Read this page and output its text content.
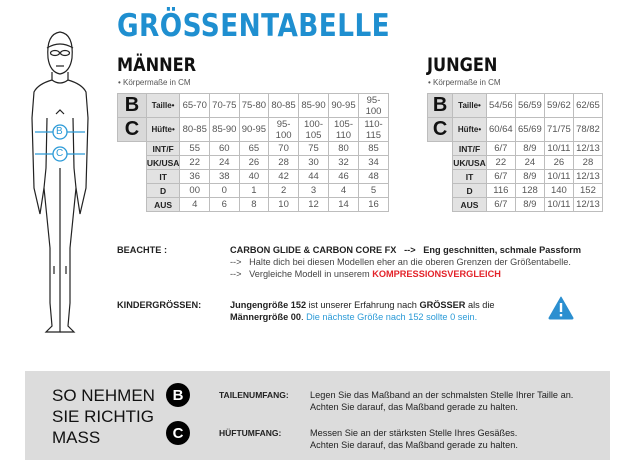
B
C
GRÖSSENTABELLE
MÄNNER
• Körpermaße in CM
B	Taille•	65-70	70-75	75-80	80-85	85-90	90-95	95-100
C	Hüfte•	80-85	85-90	90-95	95-100	100-105	105-110	110-115
	INT/F	55	60	65	70	75	80	85
	UK/USA	22	24	26	28	30	32	34
	IT	36	38	40	42	44	46	48
	D	00	0	1	2	3	4	5
	AUS	4	6	8	10	12	14	16
JUNGEN
• Körpermaße in CM
B	Taille•	54/56	56/59	59/62	62/65
C	Hüfte•	60/64	65/69	71/75	78/82
	INT/F	6/7	8/9	10/11	12/13
	UK/USA	22	24	26	28
	IT	6/7	8/9	10/11	12/13
	D	116	128	140	152
	AUS	6/7	8/9	10/11	12/13
BEACHTE :	CARBON GLIDE & CARBON CORE FX --> Eng geschnitten, schmale Passform
--> Halte dich bei diesen Modellen eher an die oberen Grenzen der Größentabelle.
--> Vergleiche Modell in unserem KOMPRESSIONSVERGLEICH
KINDERGRÖSSEN:	Jungengröße 152 ist unserer Erfahrung nach GRÖSSER als die
Männergröße 00. Die nächste Größe nach 152 sollte 0 sein.
SO NEHMEN
SIE RICHTIG
MASS
B	TAILENUMFANG: Legen Sie das Maßband an der schmalsten Stelle Ihrer Taille an.
Achten Sie darauf, das Maßband gerade zu halten.
C	HÜFTUMFANG:	Messen Sie an der stärksten Stelle Ihres Gesäßes.
Achten Sie darauf, das Maßband gerade zu halten.
